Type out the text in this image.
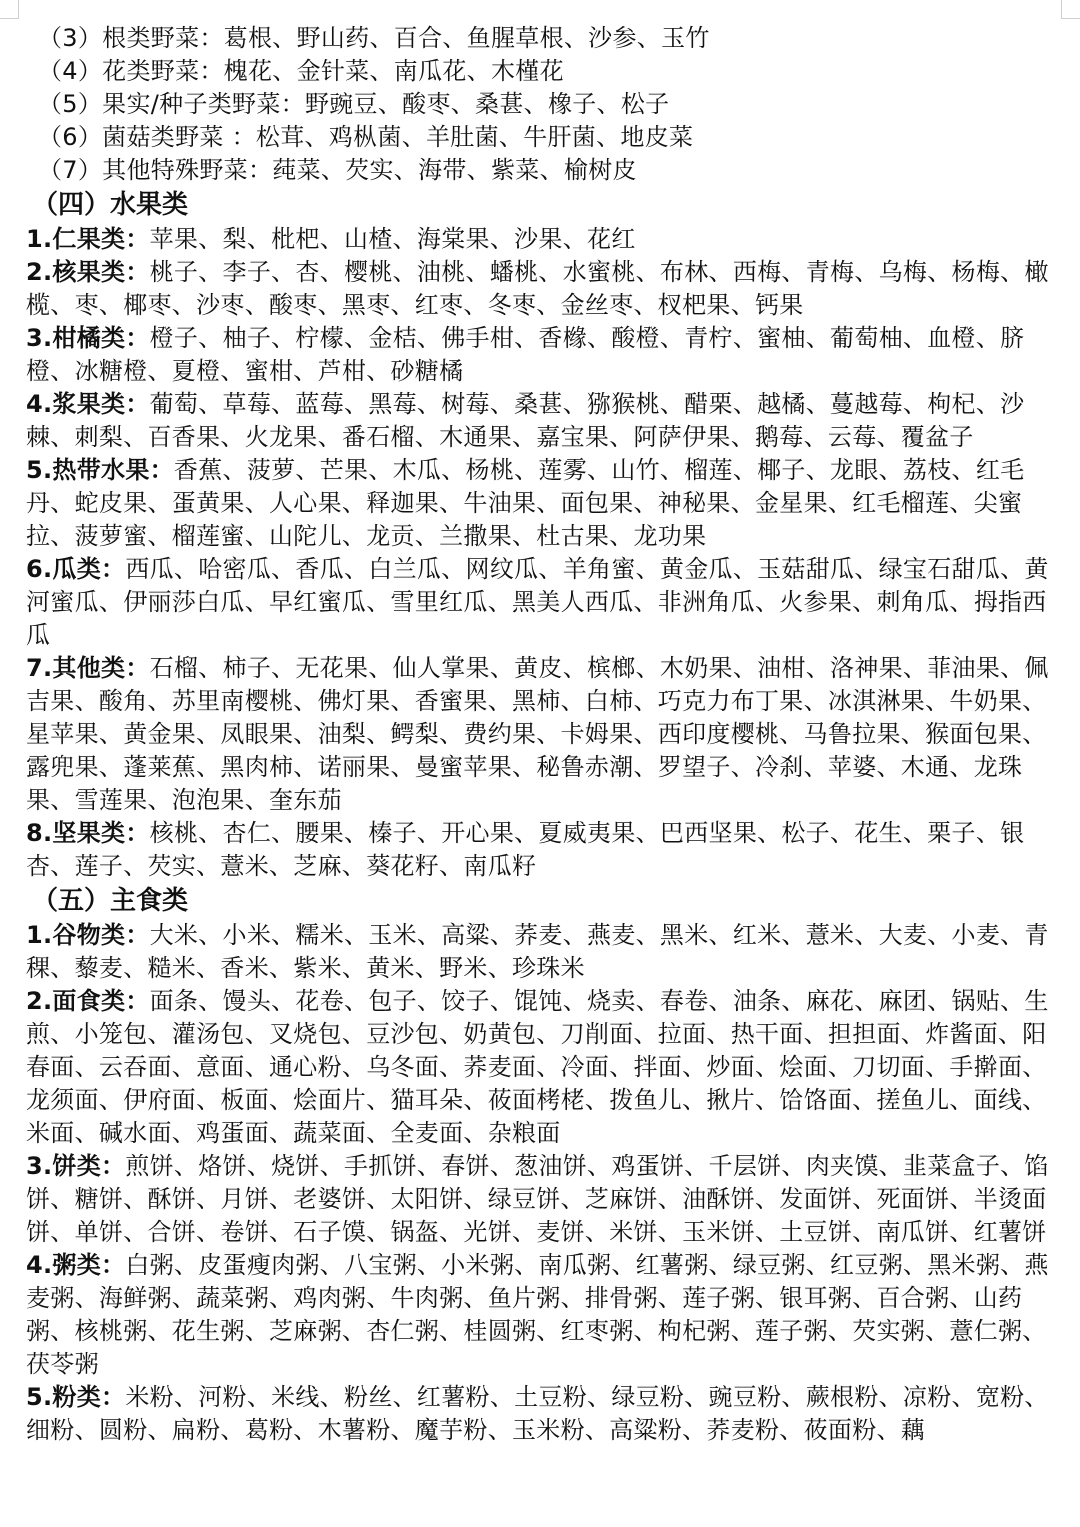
（3）根类野菜：葛根、野山药、百合、鱼腥草根、沙参、玉竹
（4）花类野菜：槐花、金针菜、南瓜花、木槿花
（5）果实/种子类野菜：野豌豆、酸枣、桑葚、橡子、松子
（6）菌菇类野菜 ：松茸、鸡枞菌、羊肚菌、牛肝菌、地皮菜
（7）其他特殊野菜：莼菜、芡实、海带、紫菜、榆树皮
（四）水果类
1.仁果类：苹果、梨、枇杷、山楂、海棠果、沙果、花红
2.核果类：桃子、李子、杏、樱桃、油桃、蟠桃、水蜜桃、布林、西梅、青梅、乌梅、杨梅、橄榄、枣、椰枣、沙枣、酸枣、黑枣、红枣、冬枣、金丝枣、杈杷果、钙果
3.柑橘类：橙子、柚子、柠檬、金桔、佛手柑、香橼、酸橙、青柠、蜜柚、葡萄柚、血橙、脐橙、冰糖橙、夏橙、蜜柑、芦柑、砂糖橘
4.浆果类：葡萄、草莓、蓝莓、黑莓、树莓、桑葚、猕猴桃、醋栗、越橘、蔓越莓、枸杞、沙棘、刺梨、百香果、火龙果、番石榴、木通果、嘉宝果、阿萨伊果、鹅莓、云莓、覆盆子
5.热带水果：香蕉、菠萝、芒果、木瓜、杨桃、莲雾、山竹、榴莲、椰子、龙眼、荔枝、红毛丹、蛇皮果、蛋黄果、人心果、释迦果、牛油果、面包果、神秘果、金星果、红毛榴莲、尖蜜拉、菠萝蜜、榴莲蜜、山陀儿、龙贡、兰撒果、杜古果、龙功果
6.瓜类：西瓜、哈密瓜、香瓜、白兰瓜、网纹瓜、羊角蜜、黄金瓜、玉菇甜瓜、绿宝石甜瓜、黄河蜜瓜、伊丽莎白瓜、早红蜜瓜、雪里红瓜、黑美人西瓜、非洲角瓜、火参果、刺角瓜、拇指西瓜
7.其他类：石榴、柿子、无花果、仙人掌果、黄皮、槟榔、木奶果、油柑、洛神果、菲油果、佩吉果、酸角、苏里南樱桃、佛灯果、香蜜果、黑柿、白柿、巧克力布丁果、冰淇淋果、牛奶果、星苹果、黄金果、凤眼果、油梨、鳄梨、费约果、卡姆果、西印度樱桃、马鲁拉果、猴面包果、露兜果、蓬莱蕉、黑肉柿、诺丽果、曼蜜苹果、秘鲁赤潮、罗望子、冷刹、苹婆、木通、龙珠果、雪莲果、泡泡果、奎东茄
8.坚果类：核桃、杏仁、腰果、榛子、开心果、夏威夷果、巴西坚果、松子、花生、栗子、银杏、莲子、芡实、薏米、芝麻、葵花籽、南瓜籽
（五）主食类
1.谷物类：大米、小米、糯米、玉米、高粱、荞麦、燕麦、黑米、红米、薏米、大麦、小麦、青稞、藜麦、糙米、香米、紫米、黄米、野米、珍珠米
2.面食类：面条、馒头、花卷、包子、饺子、馄饨、烧卖、春卷、油条、麻花、麻团、锅贴、生煎、小笼包、灌汤包、叉烧包、豆沙包、奶黄包、刀削面、拉面、热干面、担担面、炸酱面、阳春面、云吞面、意面、通心粉、乌冬面、荞麦面、冷面、拌面、炒面、烩面、刀切面、手擀面、龙须面、伊府面、板面、烩面片、猫耳朵、莜面栲栳、拨鱼儿、揪片、饸饹面、搓鱼儿、面线、米面、碱水面、鸡蛋面、蔬菜面、全麦面、杂粮面
3.饼类：煎饼、烙饼、烧饼、手抓饼、春饼、葱油饼、鸡蛋饼、千层饼、肉夹馍、韭菜盒子、馅饼、糖饼、酥饼、月饼、老婆饼、太阳饼、绿豆饼、芝麻饼、油酥饼、发面饼、死面饼、半烫面饼、单饼、合饼、卷饼、石子馍、锅盔、光饼、麦饼、米饼、玉米饼、土豆饼、南瓜饼、红薯饼
4.粥类：白粥、皮蛋瘦肉粥、八宝粥、小米粥、南瓜粥、红薯粥、绿豆粥、红豆粥、黑米粥、燕麦粥、海鲜粥、蔬菜粥、鸡肉粥、牛肉粥、鱼片粥、排骨粥、莲子粥、银耳粥、百合粥、山药粥、核桃粥、花生粥、芝麻粥、杏仁粥、桂圆粥、红枣粥、枸杞粥、莲子粥、芡实粥、薏仁粥、茯苓粥
5.粉类：米粉、河粉、米线、粉丝、红薯粉、土豆粉、绿豆粉、豌豆粉、蕨根粉、凉粉、宽粉、细粉、圆粉、扁粉、葛粉、木薯粉、魔芋粉、玉米粉、高粱粉、荞麦粉、莜面粉、藕
